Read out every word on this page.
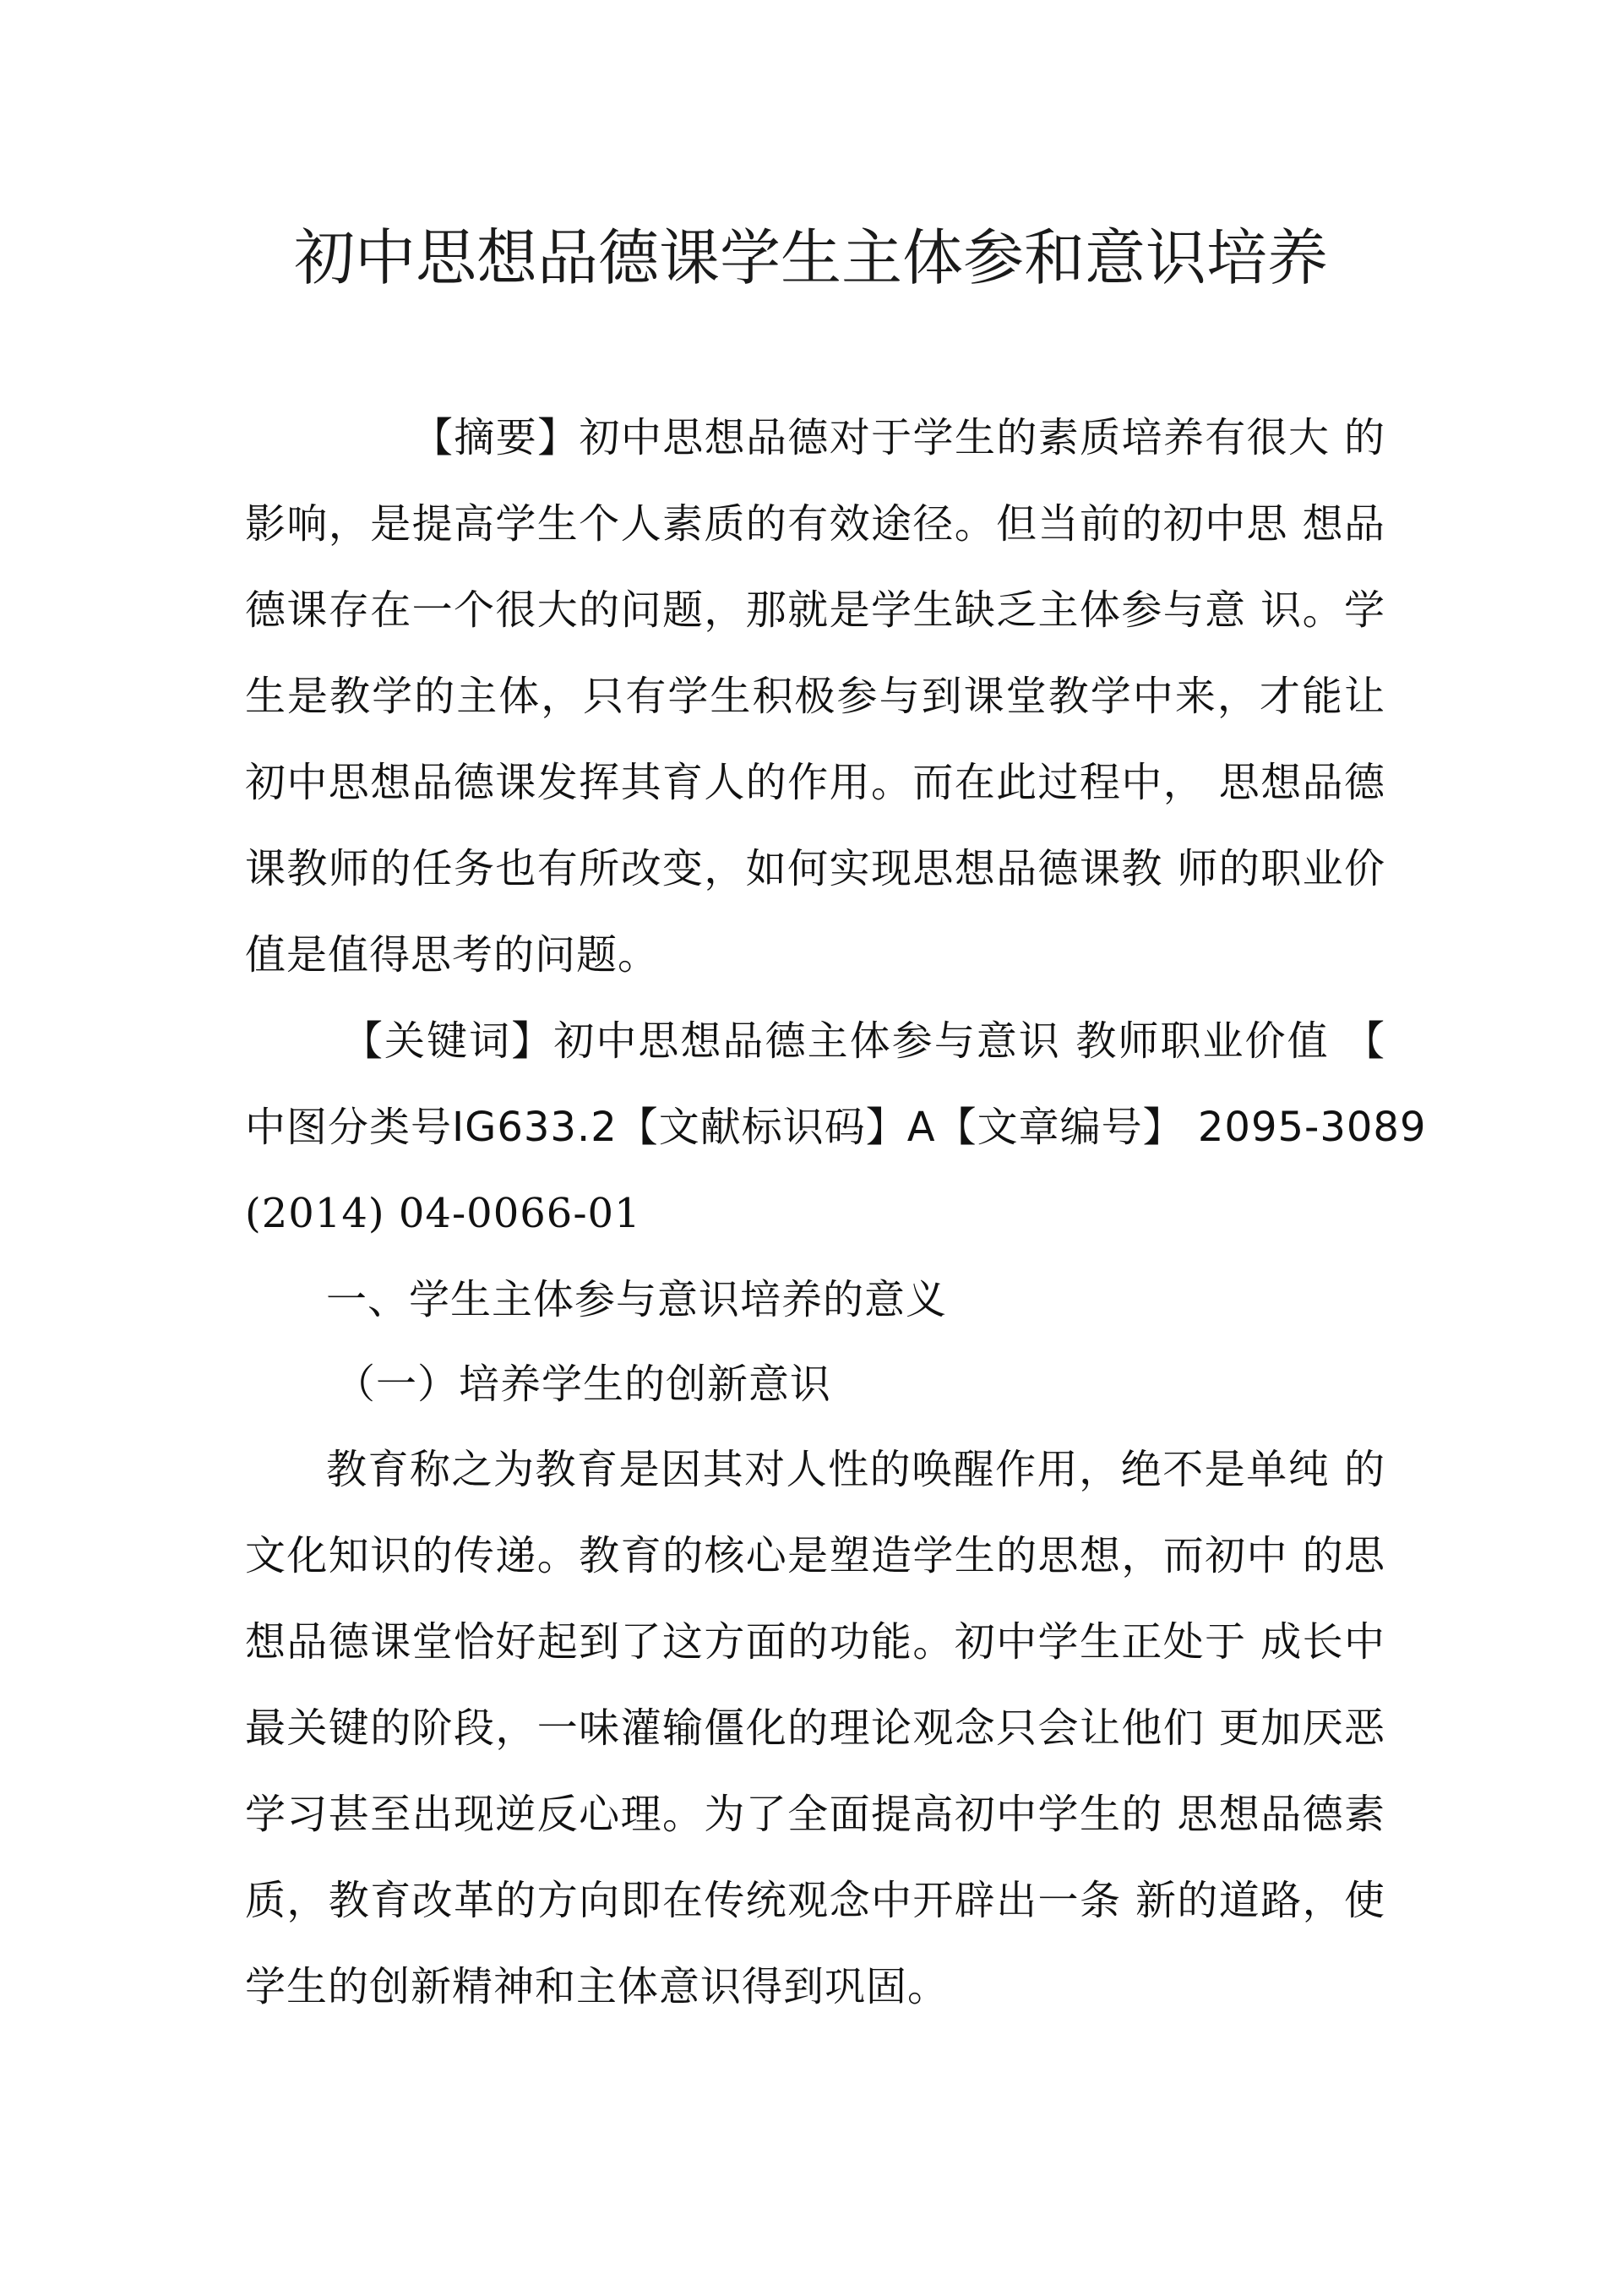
初中思想品德课学生主体参和意识培养
【摘要】初中思想品德对于学生的素质培养有很大 的
影响，是提高学生个人素质的有效途径。但当前的初中思 想品
德课存在一个很大的问题，那就是学生缺乏主体参与意 识。学
生是教学的主体，只有学生积极参与到课堂教学中来，才能让
初中思想品德课发挥其育人的作用。而在此过程中， 思想品德
课教师的任务也有所改变，如何实现思想品德课教 师的职业价
值是值得思考的问题。
【关键词】初中思想品德主体参与意识 教师职业价值 【
中图分类号IG633.2【文献标识码】A【文章编号】 2095-3089
(2014) 04-0066-01
一、学生主体参与意识培养的意义
（一）培养学生的创新意识
教育称之为教育是因其对人性的唤醒作用，绝不是单纯 的
文化知识的传递。教育的核心是塑造学生的思想，而初中 的思
想品德课堂恰好起到了这方面的功能。初中学生正处于 成长中
最关键的阶段，一味灌输僵化的理论观念只会让他们 更加厌恶
学习甚至出现逆反心理。为了全面提高初中学生的 思想品德素
质，教育改革的方向即在传统观念中开辟出一条 新的道路，使
学生的创新精神和主体意识得到巩固。
